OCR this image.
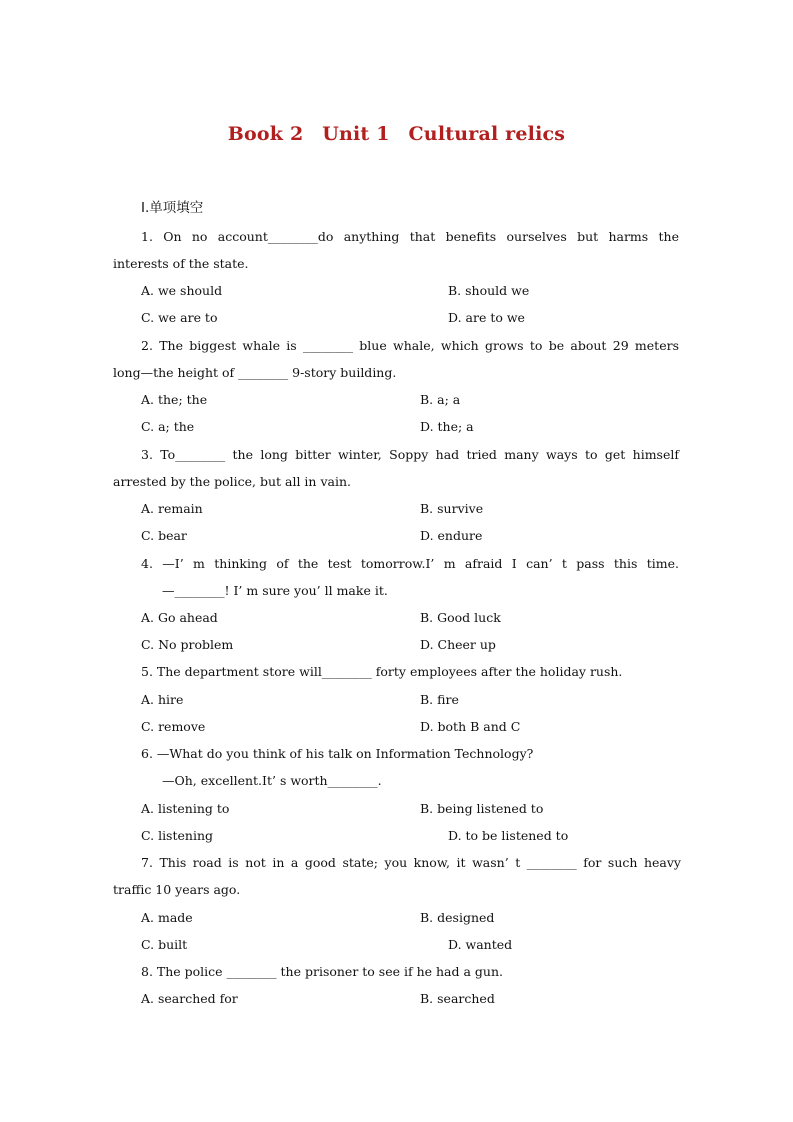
Book 2 Unit 1 Cultural relics
Ⅰ.单项填空
1. On no account________do anything that benefits ourselves but harms the
interests of the state.
A. we should	B. should we
C. we are to	D. are to we
2. The biggest whale is ________ blue whale, which grows to be about 29 meters
long—the height of ________ 9-story building.
A. the; the	B. a; a
C. a; the	D. the; a
3. To________ the long bitter winter, Soppy had tried many ways to get himself
arrested by the police, but all in vain.
A. remain	B. survive
C. bear	D. endure
4. —I’ m thinking of the test tomorrow.I’ m afraid I can’ t pass this time.
—________! I’ m sure you’ ll make it.
A. Go ahead	B. Good luck
C. No problem	D. Cheer up
5. The department store will________ forty employees after the holiday rush.
A. hire	B. fire
C. remove	D. both B and C
6. —What do you think of his talk on Information Technology?
—Oh, excellent.It’ s worth________.
A. listening to	B. being listened to
C. listening	D. to be listened to
7. This road is not in a good state; you know, it wasn’ t ________ for such heavy
traffic 10 years ago.
A. made	B. designed
C. built	D. wanted
8. The police ________ the prisoner to see if he had a gun.
A. searched for	B. searched
